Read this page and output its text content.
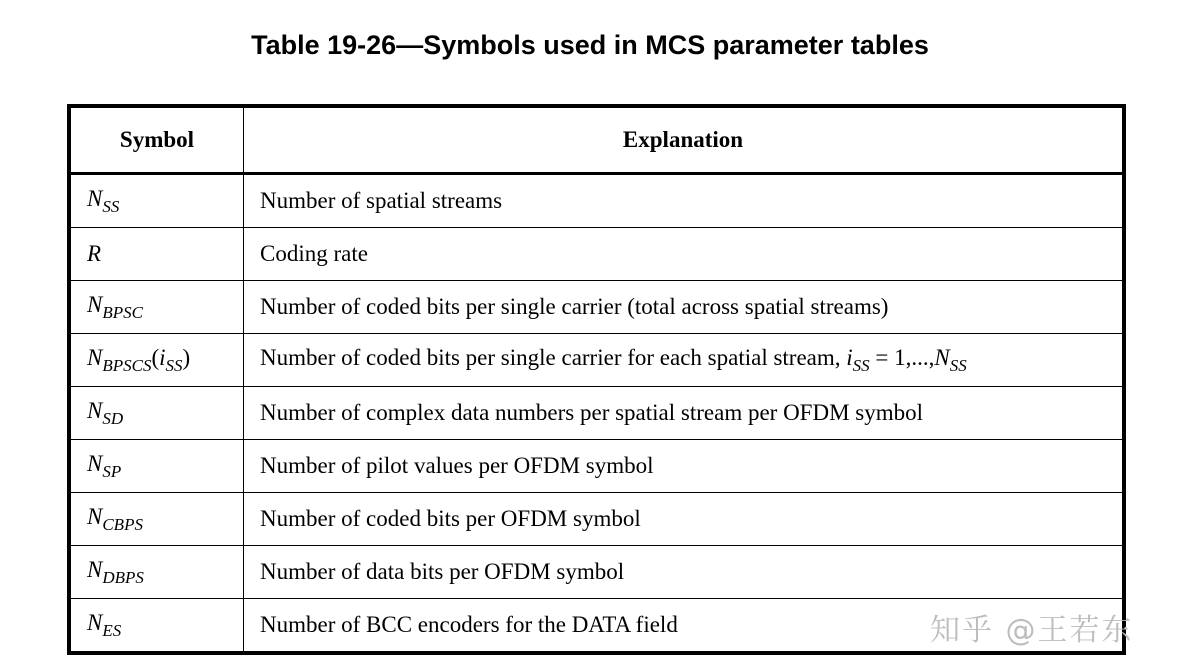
Table 19-26—Symbols used in MCS parameter tables
Symbol	Explanation
$N_{SS}$	Number of spatial streams
R	Coding rate
$N_{BPSC}$	Number of coded bits per single carrier (total across spatial streams)
$N_{BPSCS}(i_{SS})$	Number of coded bits per single carrier for each spatial stream, $i_{SS} = 1,...,N_{SS}$
$N_{SD}$	Number of complex data numbers per spatial stream per OFDM symbol
$N_{SP}$	Number of pilot values per OFDM symbol
$N_{CBPS}$	Number of coded bits per OFDM symbol
$N_{DBPS}$	Number of data bits per OFDM symbol
$N_{ES}$	Number of BCC encoders for the DATA field	知乎 @王若东
